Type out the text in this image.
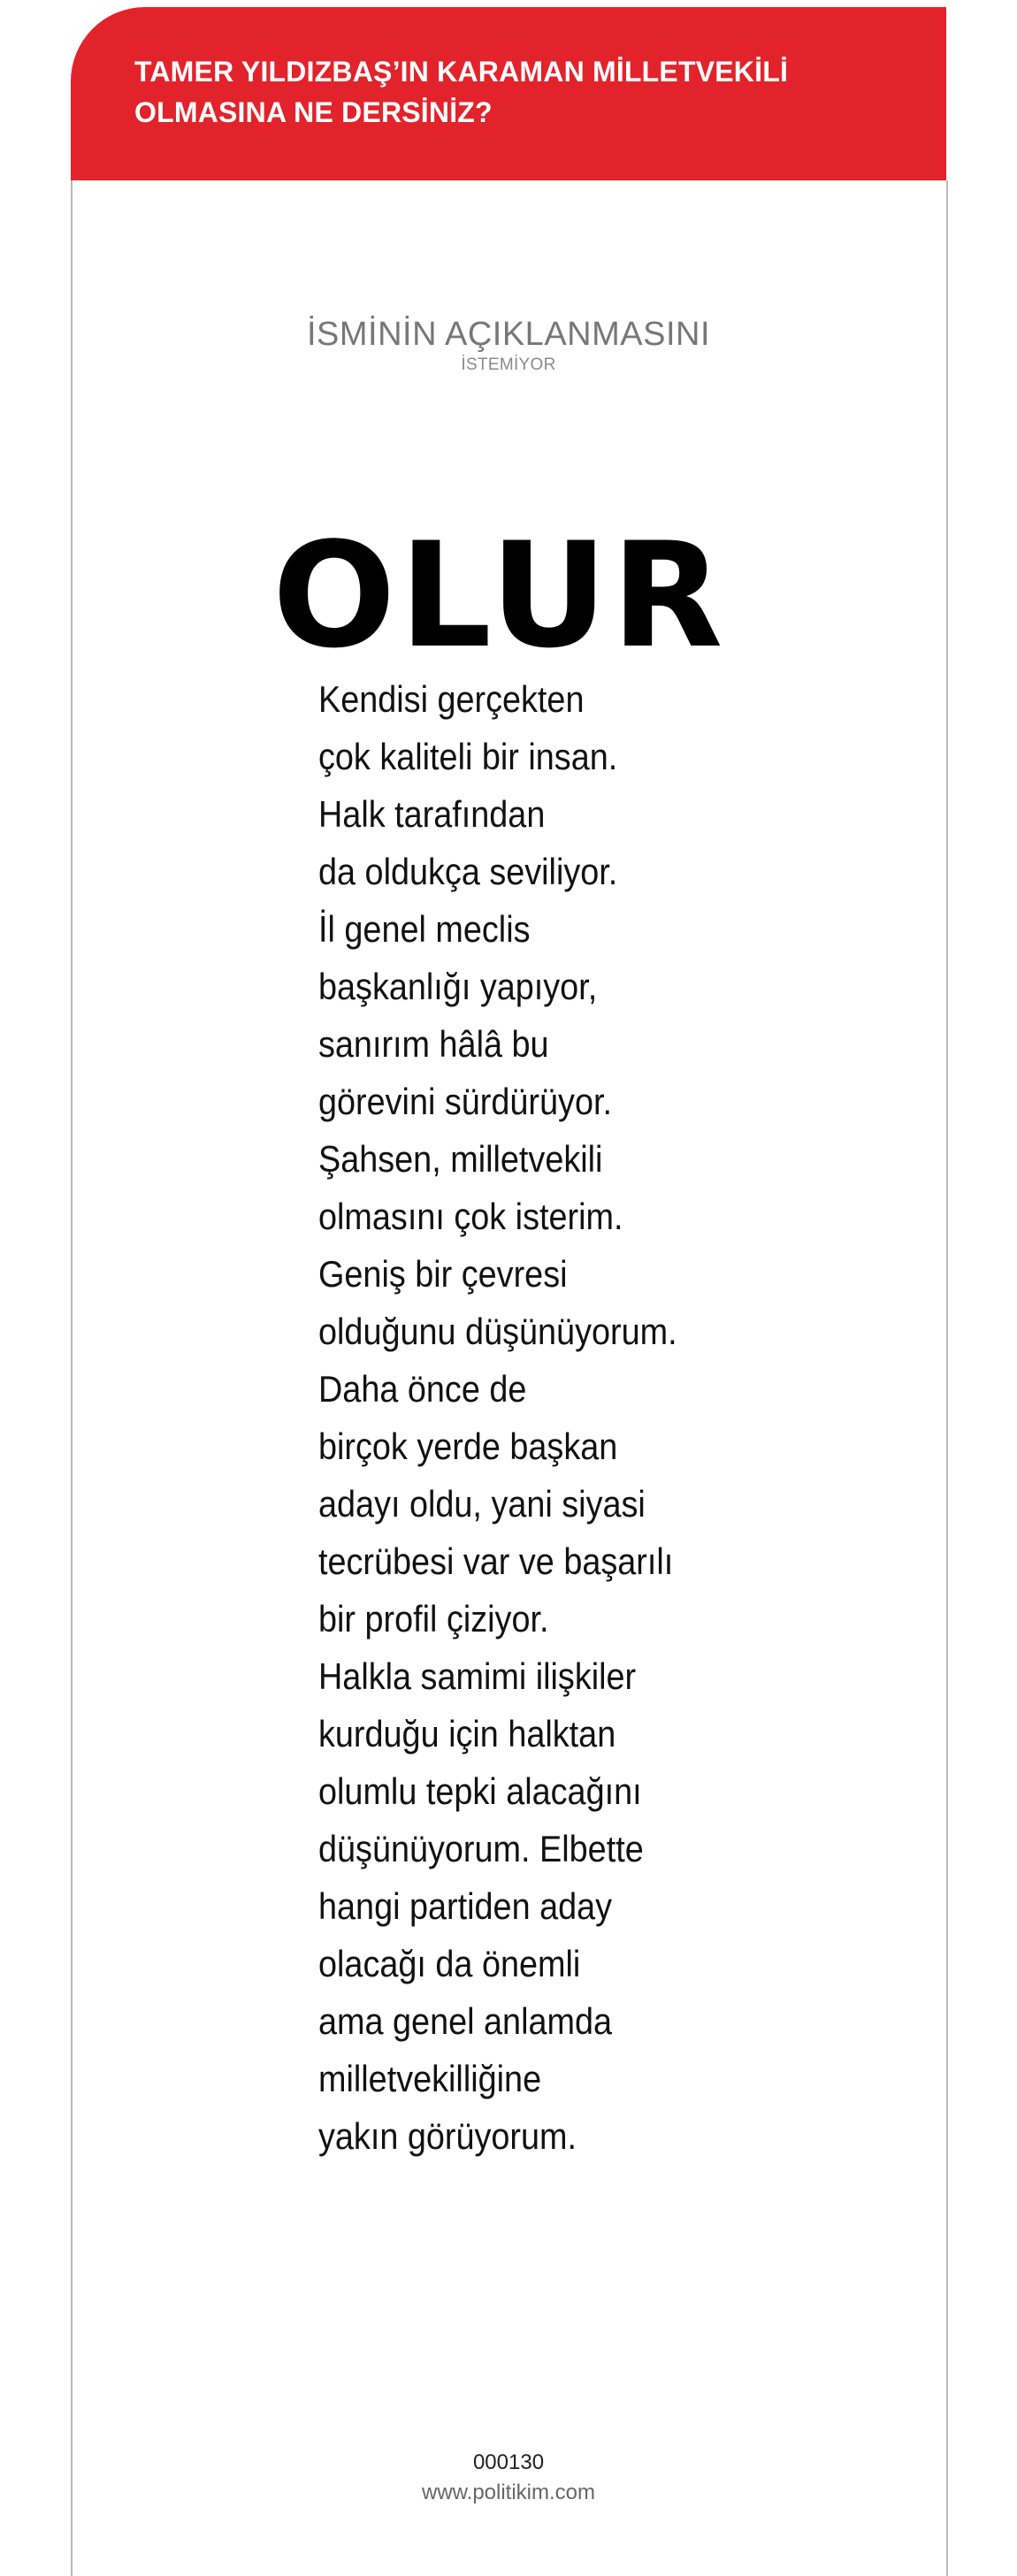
TAMER YILDIZBAŞ’IN KARAMAN MİLLETVEKİLİ
OLMASINA NE DERSİNİZ?
İSMİNİN AÇIKLANMASINI
İSTEMİYOR
OLUR
Kendisi gerçekten
çok kaliteli bir insan.
Halk tarafından
da oldukça seviliyor.
İl genel meclis
başkanlığı yapıyor,
sanırım hâlâ bu
görevini sürdürüyor.
Şahsen, milletvekili
olmasını çok isterim.
Geniş bir çevresi
olduğunu düşünüyorum.
Daha önce de
birçok yerde başkan
adayı oldu, yani siyasi
tecrübesi var ve başarılı
bir profil çiziyor.
Halkla samimi ilişkiler
kurduğu için halktan
olumlu tepki alacağını
düşünüyorum. Elbette
hangi partiden aday
olacağı da önemli
ama genel anlamda
milletvekilliğine
yakın görüyorum.
000130
www.politikim.com
